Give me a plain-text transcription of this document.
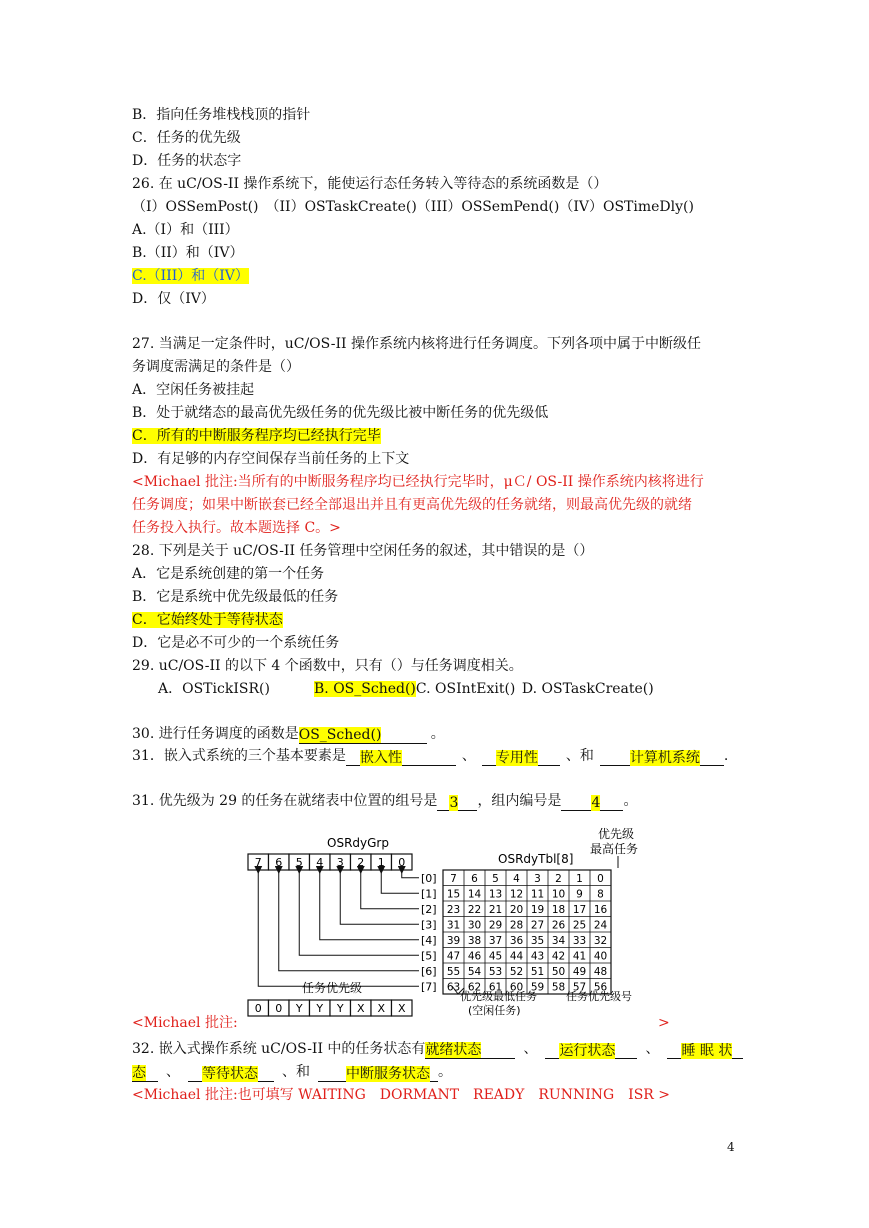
B．指向任务堆栈栈顶的指针
C．任务的优先级
D．任务的状态字
26. 在 uC/OS-II 操作系统下，能使运行态任务转入等待态的系统函数是（）
（I）OSSemPost()　（II）OSTaskCreate()（III）OSSemPend()（IV）OSTimeDly()
A.（I）和（III）
B.（II）和（IV）
C.（III）和（IV）
D．仅（IV）
27. 当满足一定条件时，uC/OS-II 操作系统内核将进行任务调度。下列各项中属于中断级任
务调度需满足的条件是（）
A．空闲任务被挂起
B．处于就绪态的最高优先级任务的优先级比被中断任务的优先级低
C．所有的中断服务程序均已经执行完毕
D．有足够的内存空间保存当前任务的上下文
<Michael 批注:当所有的中断服务程序均已经执行完毕时，μＣ/ OS-II 操作系统内核将进行
任务调度；如果中断嵌套已经全部退出并且有更高优先级的任务就绪，则最高优先级的就绪
任务投入执行。故本题选择 C。>
28. 下列是关于 uC/OS-II 任务管理中空闲任务的叙述，其中错误的是（）
A．它是系统创建的第一个任务
B．它是系统中优先级最低的任务
C．它始终处于等待状态
D．它是必不可少的一个系统任务
29. uC/OS-II 的以下 4 个函数中，只有（）与任务调度相关。
A．OSTickISR()	B. OS_Sched()C. OSIntExit() D. OSTaskCreate()
30. 进行任务调度的函数是OS_Sched()	。
31．嵌入式系统的三个基本要素是 嵌入性	、 专用性 、和	计算机系统 .
31. 优先级为 29 的任务在就绪表中位置的组号是 3 ，组内编号是 4 。
OSRdyGrp
OSRdyTbl[8]
优先级
最高任务
7 6 5 4 3 2 1 0
[0]
[1]
[2]
[3]
[4]
[5]
[6]
[7]
7 6 5 4 3 2 1 0
15 14 13 12 11 10 9 8
23 22 21 20 19 18 17 16
31 30 29 28 27 26 25 24
39 38 37 36 35 34 33 32
47 46 45 44 43 42 41 40
55 54 53 52 51 50 49 48
63 62 61 60 59 58 57 56
任务优先级
0 0 Y Y Y X X X
优先级最低任务
(空闲任务)
任务优先级号
<Michael 批注:	>
32. 嵌入式操作系统 uC/OS-II 中的任务状态有就绪状态	、 运行状态 、 睡 眠 状
态 、 等待状态 、和	中断服务状态 。
<Michael 批注:也可填写 WAITING　DORMANT　READY　RUNNING　ISR >
4
